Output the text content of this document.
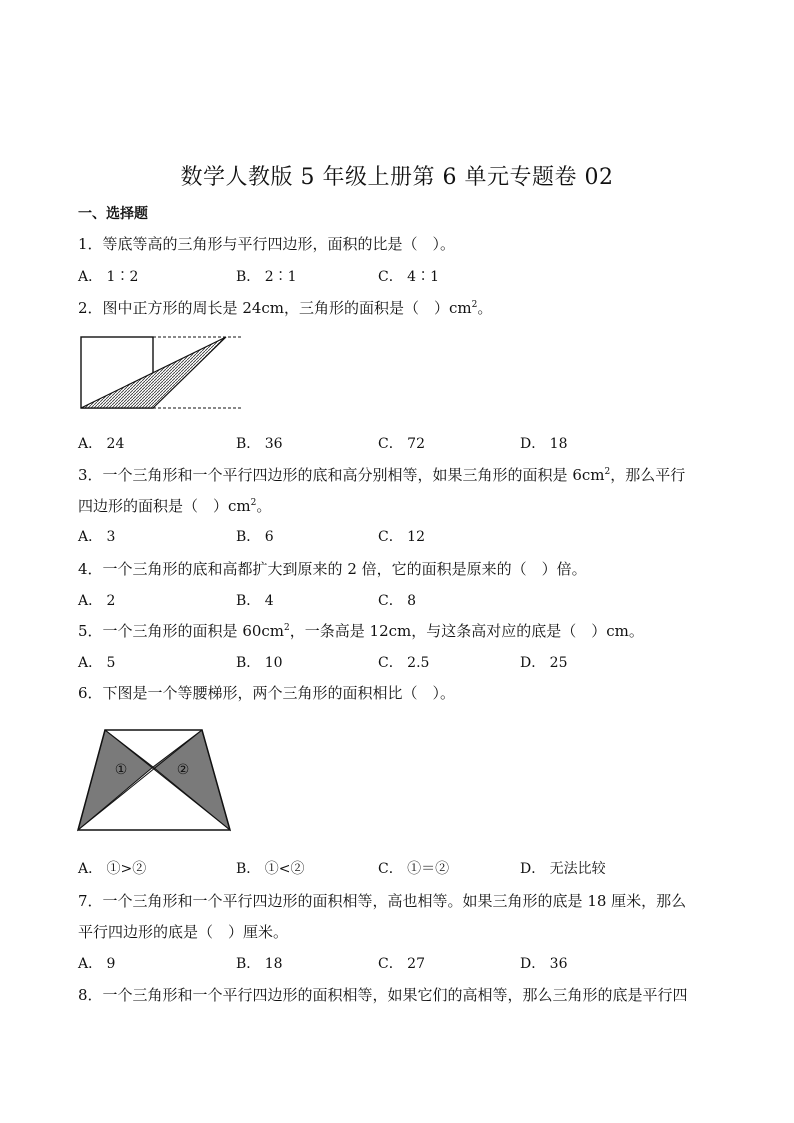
数学人教版 5 年级上册第 6 单元专题卷 02
一、选择题
1．等底等高的三角形与平行四边形，面积的比是（　）。
A． 1∶2	B． 2∶1	C． 4∶1
2．图中正方形的周长是 24cm，三角形的面积是（　）$cm^2$。
A． 24	B． 36	C． 72	D． 18
3．一个三角形和一个平行四边形的底和高分别相等，如果三角形的面积是 $6cm^2$，那么平行
四边形的面积是（　）$cm^2$。
A． 3	B． 6	C． 12
4．一个三角形的底和高都扩大到原来的 2 倍，它的面积是原来的（　）倍。
A． 2	B． 4	C． 8
5．一个三角形的面积是 $60cm^2$，一条高是 12cm，与这条高对应的底是（　）cm。
A． 5	B． 10	C． 2.5	D． 25
6．下图是一个等腰梯形，两个三角形的面积相比（　）。
①	②
A． ①>②	B． ①<②	C． ①＝②	D． 无法比较
7．一个三角形和一个平行四边形的面积相等，高也相等。如果三角形的底是 18 厘米，那么
平行四边形的底是（　）厘米。
A． 9	B． 18	C． 27	D． 36
8．一个三角形和一个平行四边形的面积相等，如果它们的高相等，那么三角形的底是平行四
